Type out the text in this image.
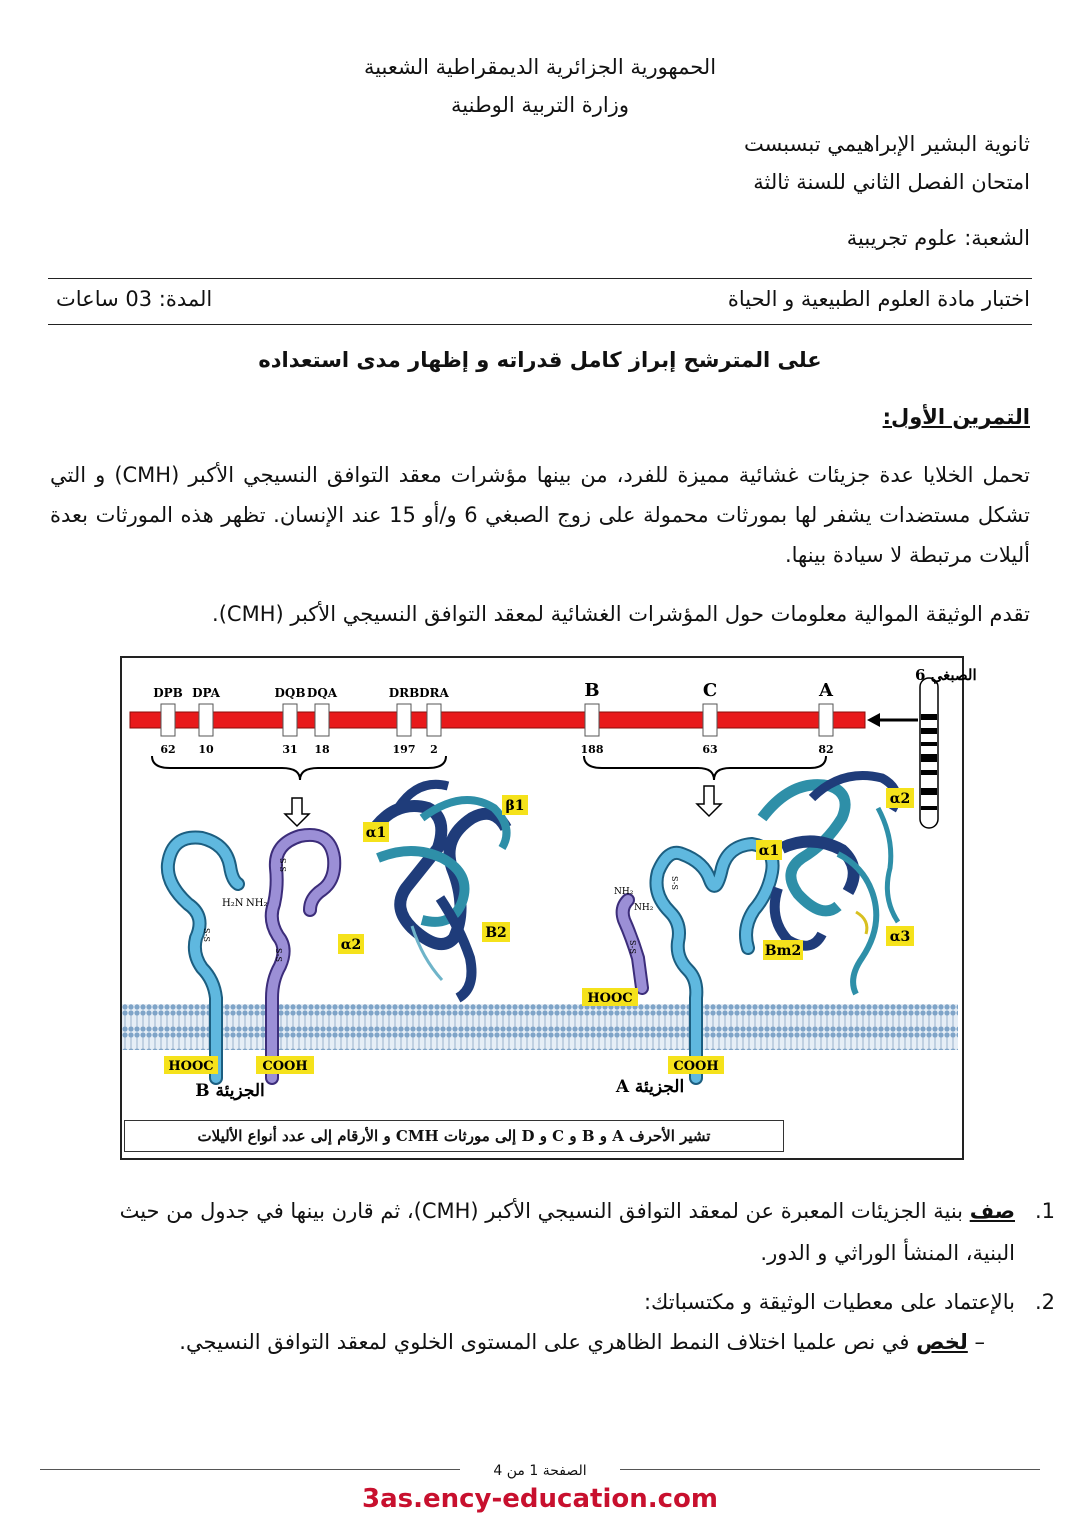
الحمهورية الجزائرية الديمقراطية الشعبية
وزارة التربية الوطنية
ثانوية البشير الإبراهيمي تبسبست
امتحان الفصل الثاني للسنة ثالثة
الشعبة: علوم تجريبية
اختبار مادة العلوم الطبيعية و الحياة
المدة: 03 ساعات
على المترشح إبراز كامل قدراته و إظهار مدى استعداده
التمرين الأول:
تحمل الخلايا عدة جزيئات غشائية مميزة للفرد، من بينها مؤشرات معقد التوافق النسيجي الأكبر (CMH) و التي تشكل مستضدات يشفر لها بمورثات محمولة على زوج الصبغي 6 و/أو 15 عند الإنسان. تظهر هذه المورثات بعدة أليلات مرتبطة لا سيادة بينها.
تقدم الوثيقة الموالية معلومات حول المؤشرات الغشائية لمعقد التوافق النسيجي الأكبر (CMH).
DPB
62
DPA
10
DQB
31
DQA
18
DRB
197
DRA
2
B
188
C
63
A
82
الصبغي 6
H₂N NH₂
S-S
S-S
S-S
α1
β1
α2
B2
HOOC	COOH
الجزيئة B
NH₂
NH₂
S-S
S-S
α1
α2
α3
Bm2
HOOC
COOH
الجزيئة A
تشير الأحرف A و B و C و D إلى مورثات CMH و الأرقام إلى عدد أنواع الأليلات
1.
صف بنية الجزيئات المعبرة عن لمعقد التوافق النسيجي الأكبر (CMH)، ثم قارن بينها في جدول من حيث البنية، المنشأ الوراثي و الدور.
2.
بالإعتماد على معطيات الوثيقة و مكتسباتك:
– لخص في نص علميا اختلاف النمط الظاهري على المستوى الخلوي لمعقد التوافق النسيجي.
الصفحة 1 من 4
3as.ency-education.com
